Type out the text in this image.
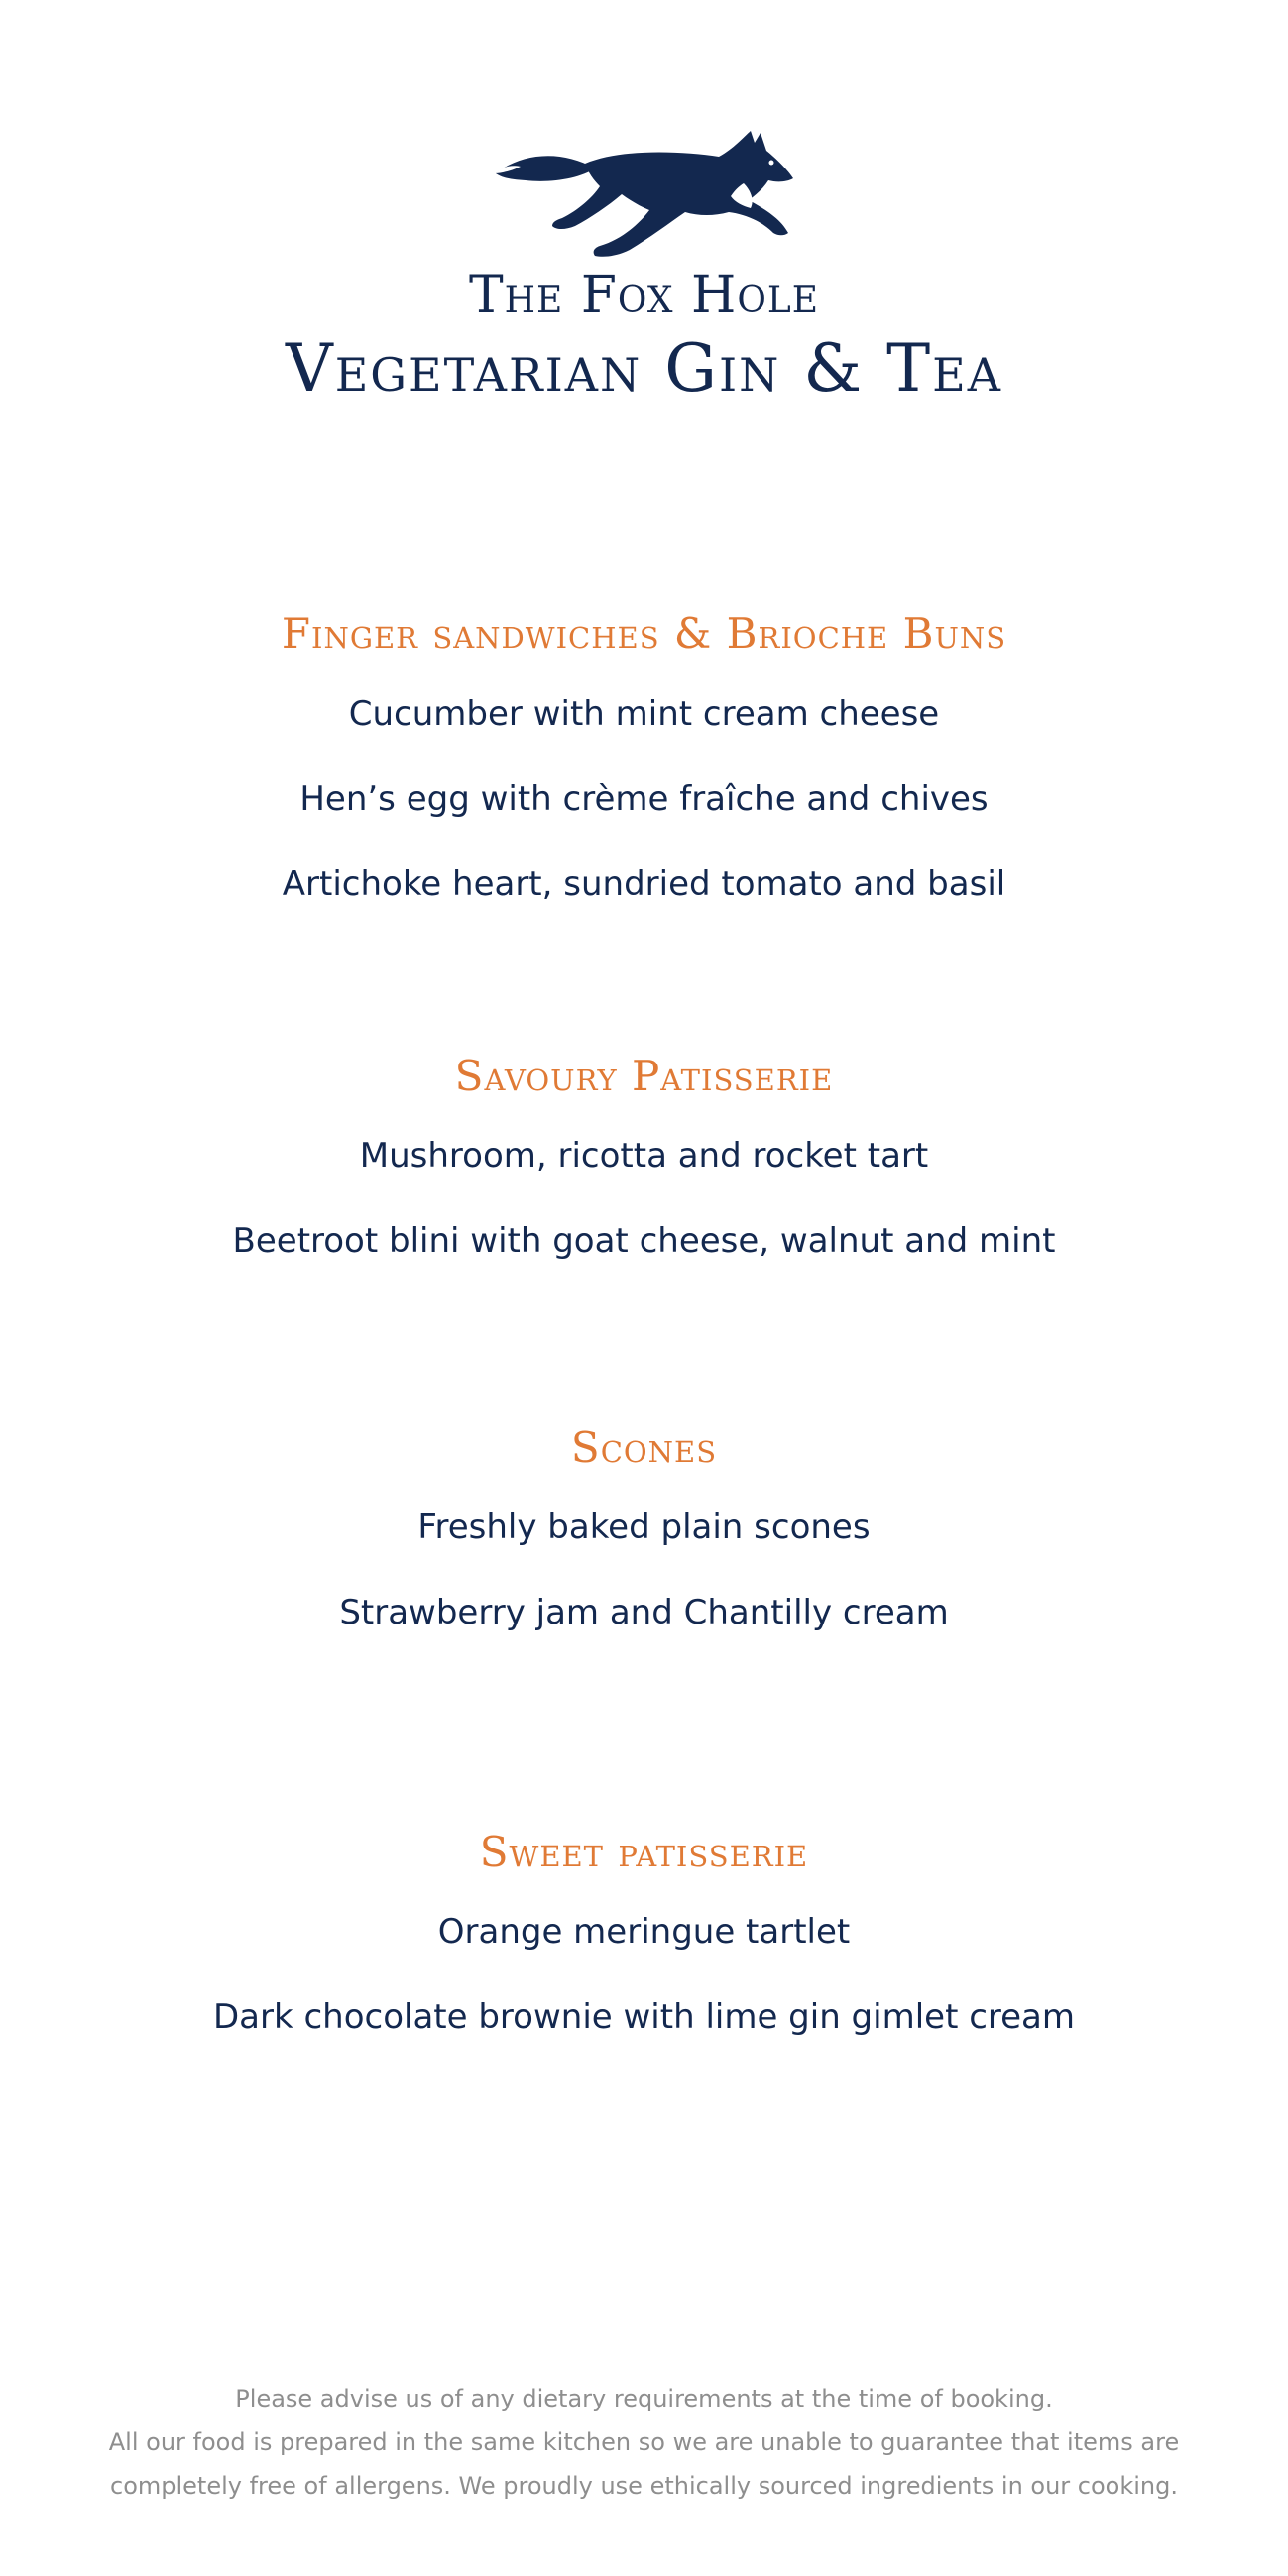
The Fox Hole
Vegetarian Gin & Tea
Finger sandwiches & Brioche Buns
Cucumber with mint cream cheese
Hen’s egg with crème fraîche and chives
Artichoke heart, sundried tomato and basil
Savoury Patisserie
Mushroom, ricotta and rocket tart
Beetroot blini with goat cheese, walnut and mint
Scones
Freshly baked plain scones
Strawberry jam and Chantilly cream
Sweet patisserie
Orange meringue tartlet
Dark chocolate brownie with lime gin gimlet cream
Please advise us of any dietary requirements at the time of booking.
All our food is prepared in the same kitchen so we are unable to guarantee that items are
completely free of allergens. We proudly use ethically sourced ingredients in our cooking.
